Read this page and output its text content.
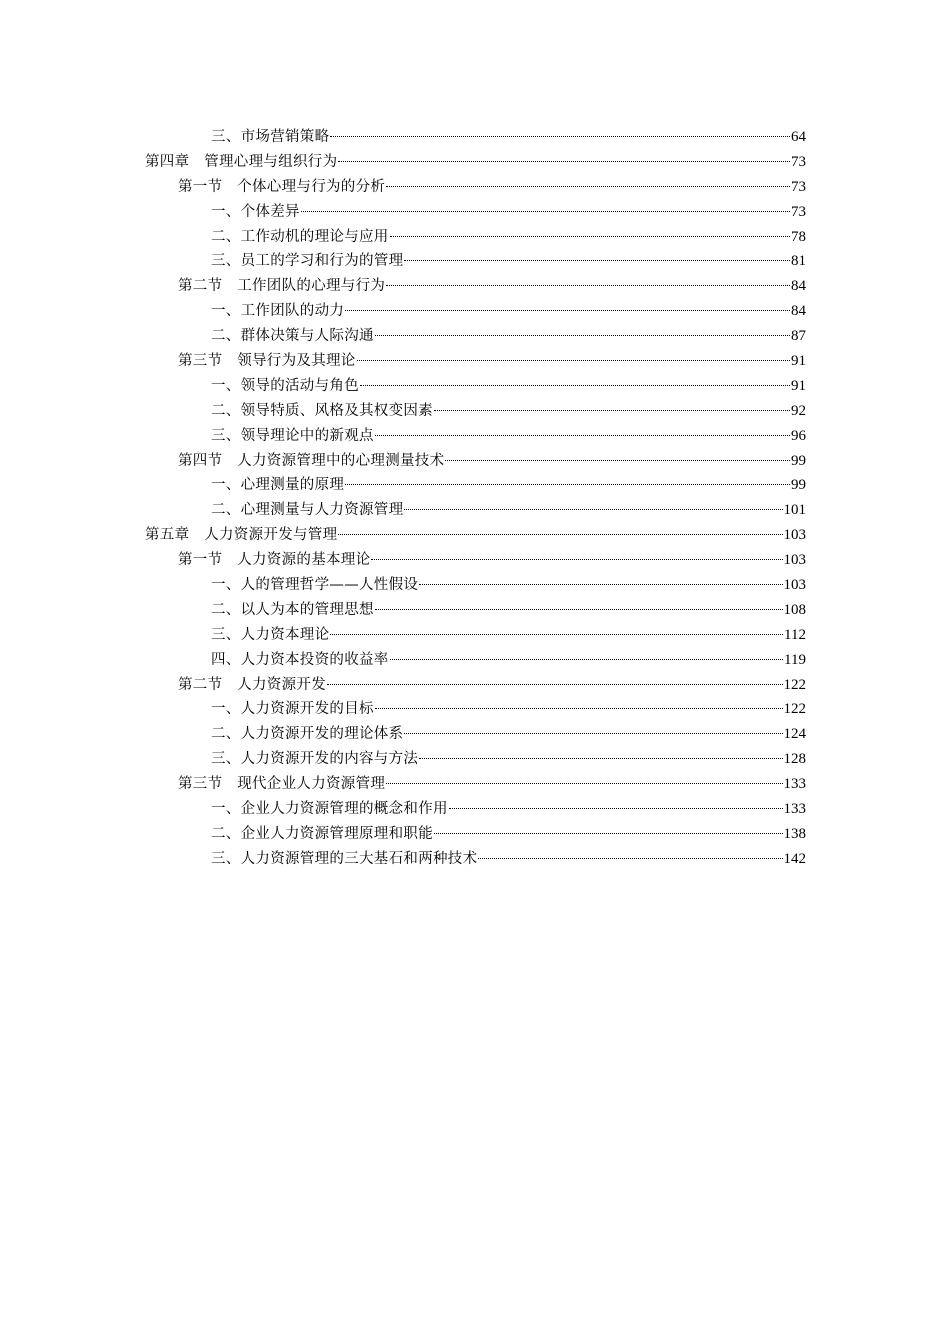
三、市场营销策略	64
第四章　管理心理与组织行为	73
第一节　个体心理与行为的分析	73
一、个体差异	73
二、工作动机的理论与应用	78
三、员工的学习和行为的管理	81
第二节　工作团队的心理与行为	84
一、工作团队的动力	84
二、群体决策与人际沟通	87
第三节　领导行为及其理论	91
一、领导的活动与角色	91
二、领导特质、风格及其权变因素	92
三、领导理论中的新观点	96
第四节　人力资源管理中的心理测量技术	99
一、心理测量的原理	99
二、心理测量与人力资源管理	101
第五章　人力资源开发与管理	103
第一节　人力资源的基本理论	103
一、人的管理哲学——人性假设	103
二、以人为本的管理思想	108
三、人力资本理论	112
四、人力资本投资的收益率	119
第二节　人力资源开发	122
一、人力资源开发的目标	122
二、人力资源开发的理论体系	124
三、人力资源开发的内容与方法	128
第三节　现代企业人力资源管理	133
一、企业人力资源管理的概念和作用	133
二、企业人力资源管理原理和职能	138
三、人力资源管理的三大基石和两种技术	142
